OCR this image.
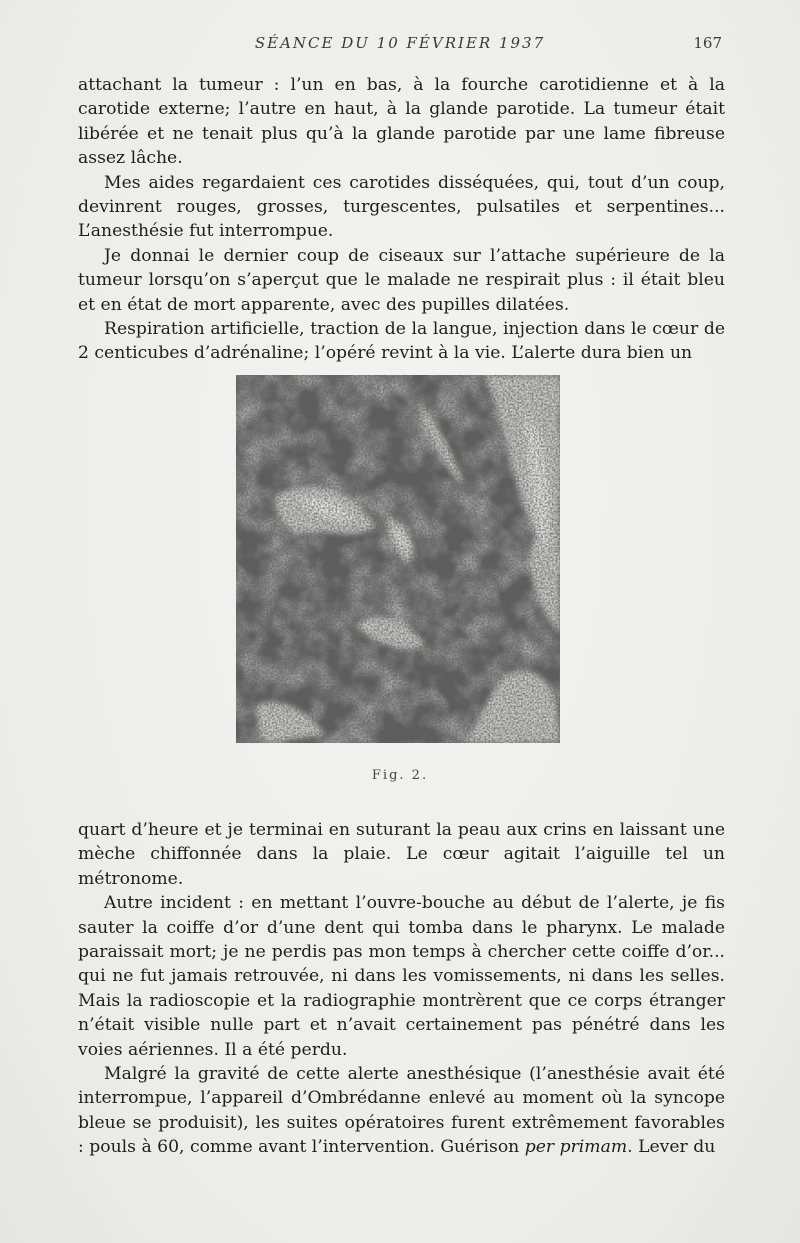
SÉANCE DU 10 FÉVRIER 1937	167

attachant la tumeur : l’un en bas, à la fourche carotidienne et à la carotide externe; l’autre en haut, à la glande parotide. La tumeur était libérée et ne tenait plus qu’à la glande parotide par une lame fibreuse assez lâche.

Mes aides regardaient ces carotides disséquées, qui, tout d’un coup, devinrent rouges, grosses, turgescentes, pulsatiles et serpentines... L’anesthésie fut interrompue.

Je donnai le dernier coup de ciseaux sur l’attache supérieure de la tumeur lorsqu’on s’aperçut que le malade ne respirait plus : il était bleu et en état de mort apparente, avec des pupilles dilatées.

Respiration artificielle, traction de la langue, injection dans le cœur de 2 centicubes d’adrénaline; l’opéré revint à la vie. L’alerte dura bien un

Fig. 2.

quart d’heure et je terminai en suturant la peau aux crins en laissant une mèche chiffonnée dans la plaie. Le cœur agitait l’aiguille tel un métronome.

Autre incident : en mettant l’ouvre-bouche au début de l’alerte, je fis sauter la coiffe d’or d’une dent qui tomba dans le pharynx. Le malade paraissait mort; je ne perdis pas mon temps à chercher cette coiffe d’or... qui ne fut jamais retrouvée, ni dans les vomissements, ni dans les selles. Mais la radioscopie et la radiographie montrèrent que ce corps étranger n’était visible nulle part et n’avait certainement pas pénétré dans les voies aériennes. Il a été perdu.

Malgré la gravité de cette alerte anesthésique (l’anesthésie avait été interrompue, l’appareil d’Ombrédanne enlevé au moment où la syncope bleue se produisit), les suites opératoires furent extrêmement favorables : pouls à 60, comme avant l’intervention. Guérison per primam. Lever du
